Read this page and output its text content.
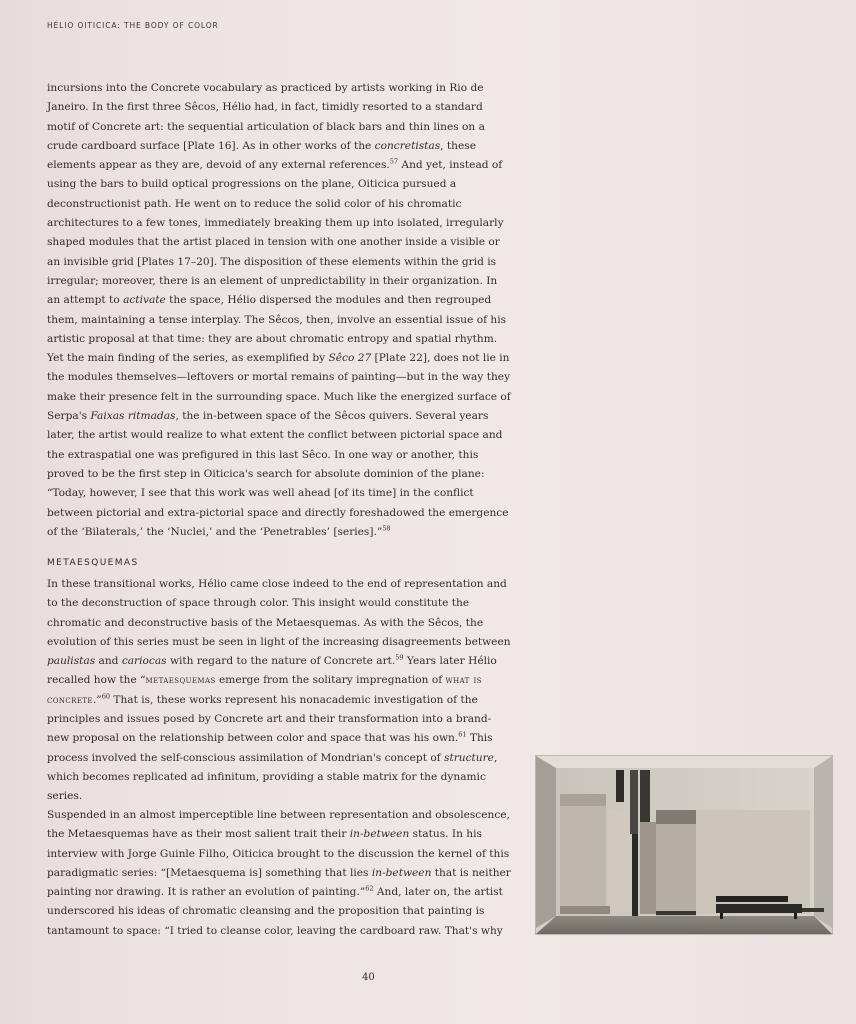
HÉLIO OITICICA: THE BODY OF COLOR

incursions into the Concrete vocabulary as practiced by artists working in Rio de Janeiro. In the first three Sêcos, Hélio had, in fact, timidly resorted to a standard motif of Concrete art: the sequential articulation of black bars and thin lines on a crude cardboard surface [Plate 16]. As in other works of the concretistas, these elements appear as they are, devoid of any external references.$^{57}$ And yet, instead of using the bars to build optical progressions on the plane, Oiticica pursued a deconstructionist path. He went on to reduce the solid color of his chromatic architectures to a few tones, immediately breaking them up into isolated, irregularly shaped modules that the artist placed in tension with one another inside a visible or an invisible grid [Plates 17–20]. The disposition of these elements within the grid is irregular; moreover, there is an element of unpredictability in their organization. In an attempt to activate the space, Hélio dispersed the modules and then regrouped them, maintaining a tense interplay. The Sêcos, then, involve an essential issue of his artistic proposal at that time: they are about chromatic entropy and spatial rhythm. Yet the main finding of the series, as exemplified by Sêco 27 [Plate 22], does not lie in the modules themselves—leftovers or mortal remains of painting—but in the way they make their presence felt in the surrounding space. Much like the energized surface of Serpa's Faixas ritmadas, the in-between space of the Sêcos quivers. Several years later, the artist would realize to what extent the conflict between pictorial space and the extraspatial one was prefigured in this last Sêco. In one way or another, this proved to be the first step in Oiticica's search for absolute dominion of the plane: “Today, however, I see that this work was well ahead [of its time] in the conflict between pictorial and extra-pictorial space and directly foreshadowed the emergence of the ‘Bilaterals,’ the ‘Nuclei,’ and the ‘Penetrables’ [series].”$^{58}$

METAESQUEMAS

In these transitional works, Hélio came close indeed to the end of representation and to the deconstruction of space through color. This insight would constitute the chromatic and deconstructive basis of the Metaesquemas. As with the Sêcos, the evolution of this series must be seen in light of the increasing disagreements between paulistas and cariocas with regard to the nature of Concrete art.$^{59}$ Years later Hélio recalled how the “metaesquemas emerge from the solitary impregnation of what is concrete.”$^{60}$ That is, these works represent his nonacademic investigation of the principles and issues posed by Concrete art and their transformation into a brand-new proposal on the relationship between color and space that was his own.$^{61}$ This process involved the self-conscious assimilation of Mondrian's concept of structure, which becomes replicated ad infinitum, providing a stable matrix for the dynamic series.

Suspended in an almost imperceptible line between representation and obsolescence, the Metaesquemas have as their most salient trait their in-between status. In his interview with Jorge Guinle Filho, Oiticica brought to the discussion the kernel of this paradigmatic series: “[Metaesquema is] something that lies in-between that is neither painting nor drawing. It is rather an evolution of painting.”$^{62}$ And, later on, the artist underscored his ideas of chromatic cleansing and the proposition that painting is tantamount to space: “I tried to cleanse color, leaving the cardboard raw. That's why

40
